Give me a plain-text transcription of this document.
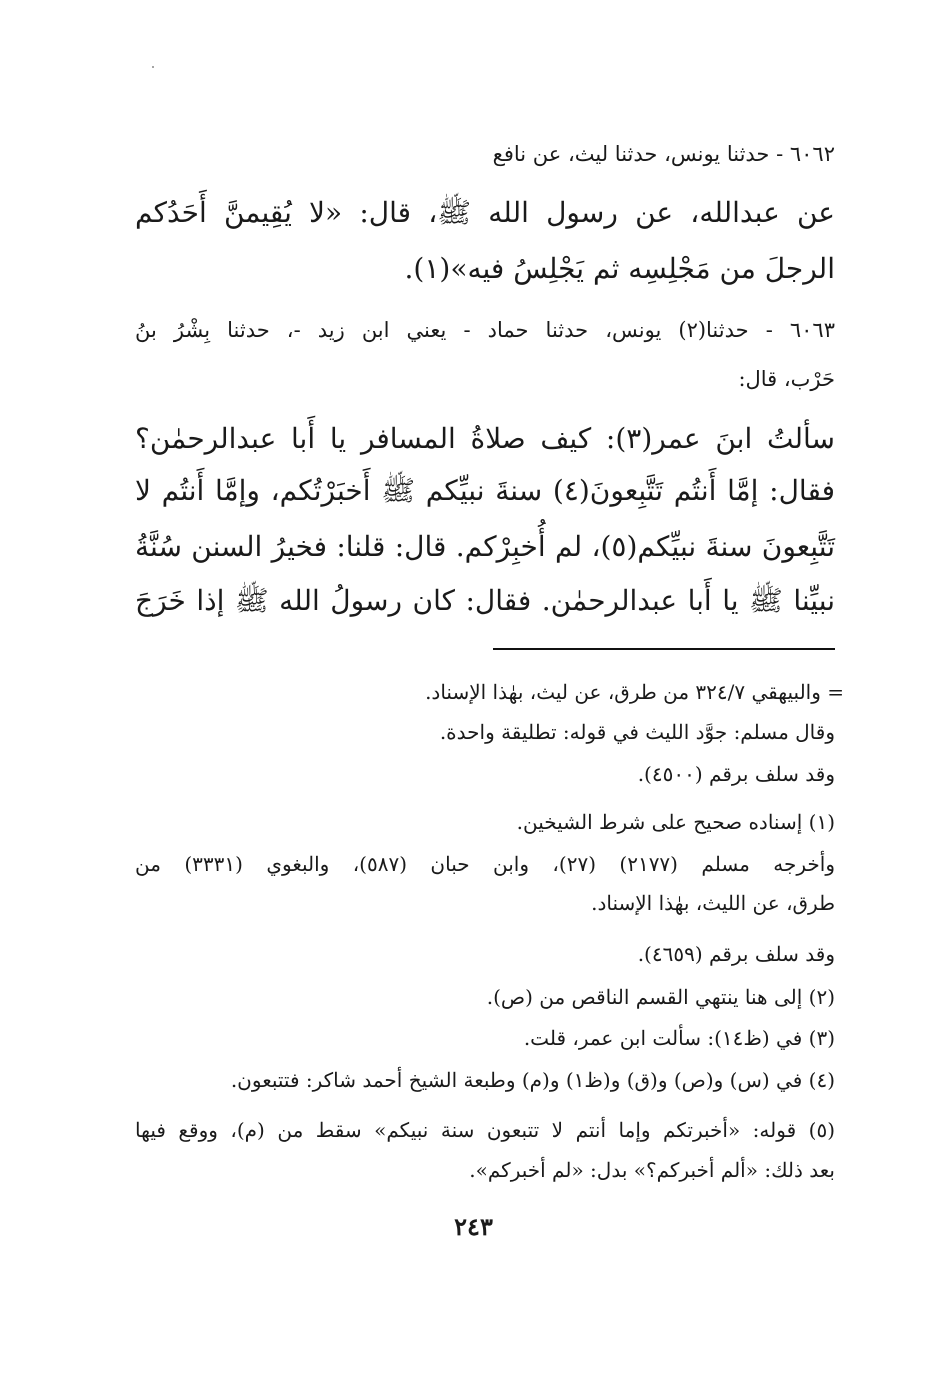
٦٠٦٢ - حدثنا يونس، حدثنا ليث، عن نافع
عن عبدالله، عن رسول الله ﷺ، قال: «لا يُقِيمنَّ أَحَدُكم
الرجلَ من مَجْلِسِه ثم يَجْلِسُ فيه»(١).
٦٠٦٣ - حدثنا(٢) يونس، حدثنا حماد - يعني ابن زيد -، حدثنا بِشْرُ بنُ
حَرْب، قال:
سألتُ ابنَ عمر(٣): كيف صلاةُ المسافر يا أَبا عبدالرحمٰن؟
فقال: إمَّا أَنتُم تَتَّبِعونَ(٤) سنةَ نبيِّكم ﷺ أَخبَرْتُكم، وإمَّا أَنتُم لا
تَتَّبِعونَ سنةَ نبيِّكم(٥)، لم أُخبِرْكم. قال: قلنا: فخيرُ السنن سُنَّةُ
نبيِّنا ﷺ يا أَبا عبدالرحمٰن. فقال: كان رسولُ الله ﷺ إذا خَرَجَ
= والبيهقي ٣٢٤/٧ من طرق، عن ليث، بهٰذا الإسناد.
وقال مسلم: جوَّد الليث في قوله: تطليقة واحدة.
وقد سلف برقم (٤٥٠٠).
(١) إسناده صحيح على شرط الشيخين.
وأخرجه مسلم (٢١٧٧) (٢٧)، وابن حبان (٥٨٧)، والبغوي (٣٣٣١) من
طرق، عن الليث، بهٰذا الإسناد.
وقد سلف برقم (٤٦٥٩).
(٢) إلى هنا ينتهي القسم الناقص من (ص).
(٣) في (ظ١٤): سألت ابن عمر، قلت.
(٤) في (س) و(ص) و(ق) و(ظ١) و(م) وطبعة الشيخ أحمد شاكر: فتتبعون.
(٥) قوله: «أخبرتكم وإما أنتم لا تتبعون سنة نبيكم» سقط من (م)، ووقع فيها
بعد ذلك: «ألم أخبركم؟» بدل: «لم أخبركم».
٢٤٣
